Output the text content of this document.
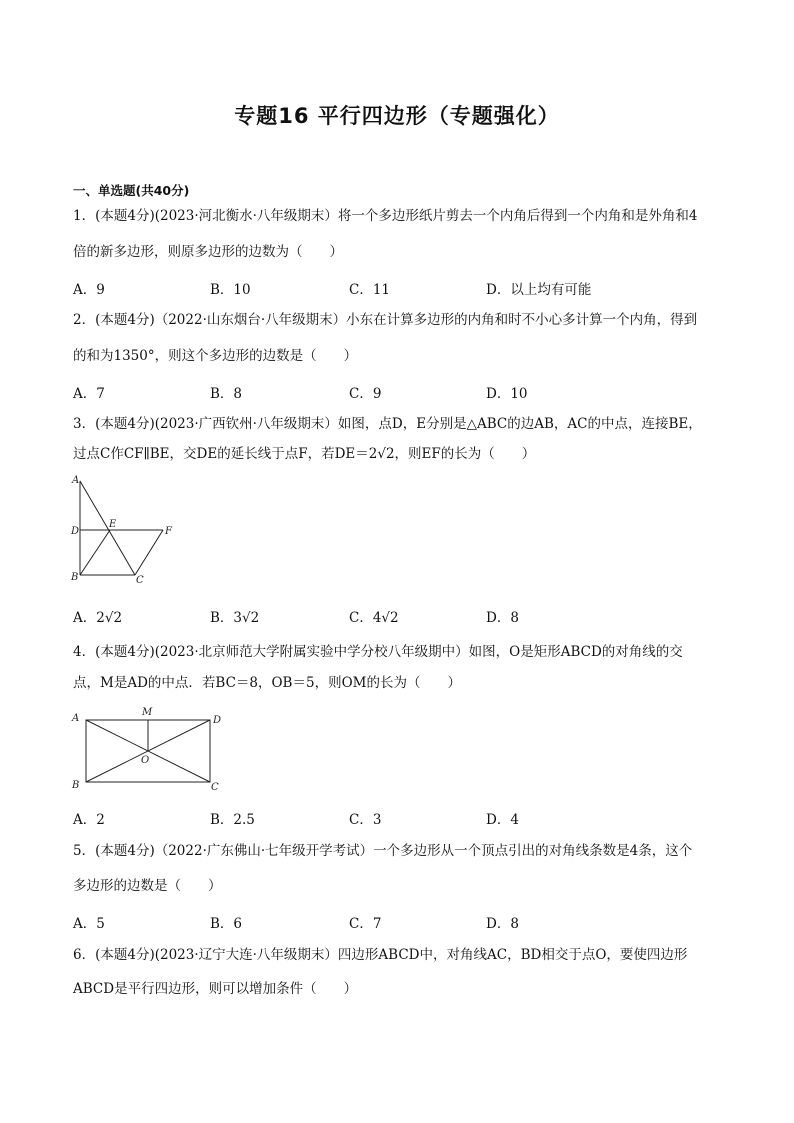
专题16 平行四边形（专题强化）
一、单选题(共40分)
1．(本题4分)(2023·河北衡水·八年级期末）将一个多边形纸片剪去一个内角后得到一个内角和是外角和4
倍的新多边形，则原多边形的边数为（　　）
A．9	B．10	C．11	D．以上均有可能
2．(本题4分)（2022·山东烟台·八年级期末）小东在计算多边形的内角和时不小心多计算一个内角，得到
的和为1350°，则这个多边形的边数是（　　）
A．7	B．8	C．9	D．10
3．(本题4分)(2023·广西钦州·八年级期末）如图，点D，E分别是△ABC的边AB，AC的中点，连接BE，
过点C作CF∥BE，交DE的延长线于点F，若DE＝2√2，则EF的长为（　　）
A
D
E
F
B	C
A．2√2	B．3√2	C．4√2	D．8
4．(本题4分)(2023·北京师范大学附属实验中学分校八年级期中）如图，O是矩形ABCD的对角线的交
点，M是AD的中点．若BC＝8，OB＝5，则OM的长为（　　）
A
M
D
O
B	C
A．2	B．2.5	C．3	D．4
5．(本题4分)（2022·广东佛山·七年级开学考试）一个多边形从一个顶点引出的对角线条数是4条，这个
多边形的边数是（　　）
A．5	B．6	C．7	D．8
6．(本题4分)(2023·辽宁大连·八年级期末）四边形ABCD中，对角线AC，BD相交于点O，要使四边形
ABCD是平行四边形，则可以增加条件（　　）
